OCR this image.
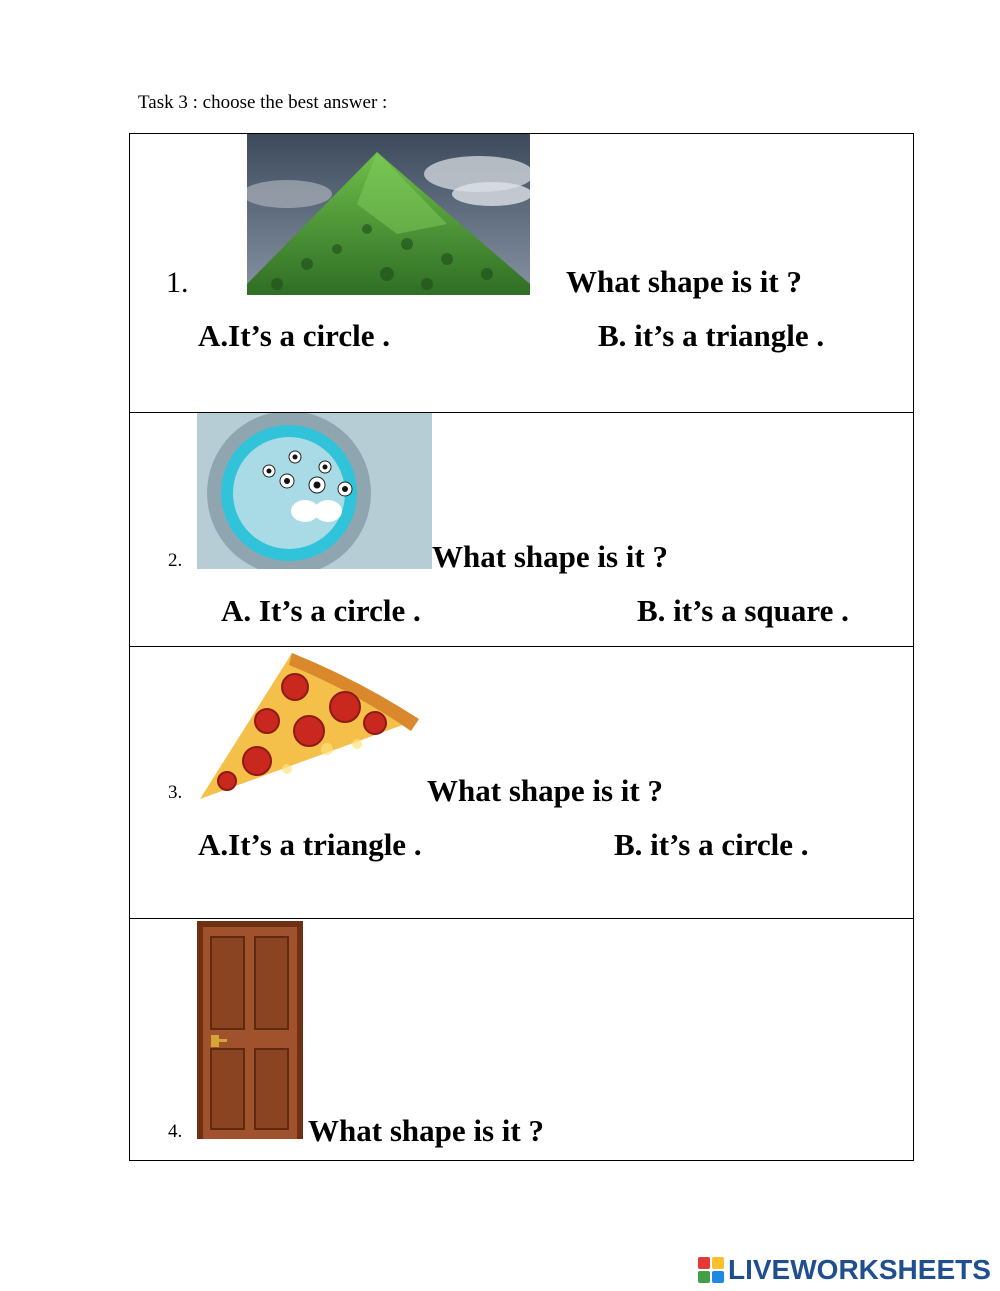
Task 3 : choose the best answer :
1.	What shape is it ?
A.It’s a circle .	B. it’s a triangle .
2.	What shape is it ?
A. It’s a circle .	B. it’s a square .
3.	What shape is it ?
A.It’s a triangle .	B. it’s a circle .
4.	What shape is it ?
LIVEWORKSHEETS
